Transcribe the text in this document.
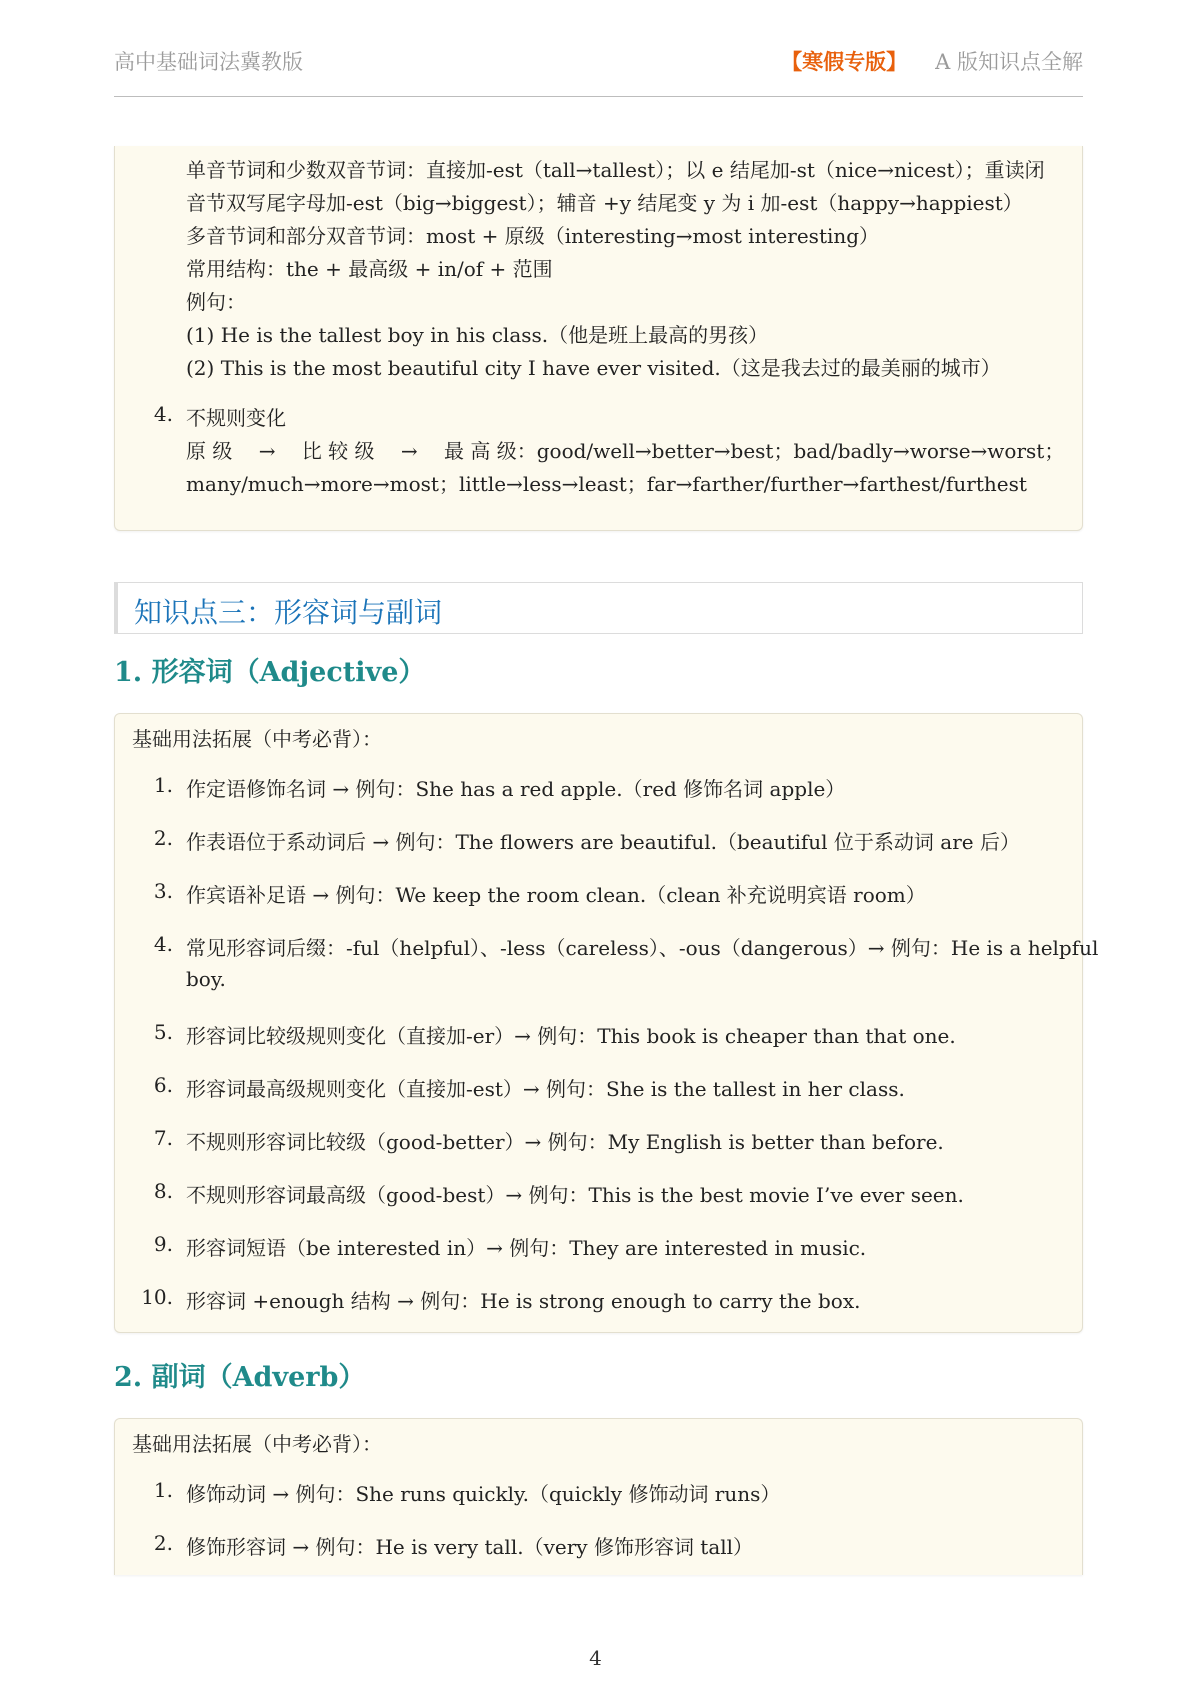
高中基础词法冀教版	【寒假专版】 A 版知识点全解
单音节词和少数双音节词：直接加-est（tall→tallest）；以 e 结尾加-st（nice→nicest）；重读闭
音节双写尾字母加-est（big→biggest）；辅音 +y 结尾变 y 为 i 加-est（happy→happiest）
多音节词和部分双音节词：most + 原级（interesting→most interesting）
常用结构：the + 最高级 + in/of + 范围
例句：
(1) He is the tallest boy in his class.（他是班上最高的男孩）
(2) This is the most beautiful city I have ever visited.（这是我去过的最美丽的城市）
4. 不规则变化
原 级　 →　 比 较 级　 →　 最 高 级：good/well→better→best；bad/badly→worse→worst；
many/much→more→most；little→less→least；far→farther/further→farthest/furthest
知识点三：形容词与副词
1. 形容词（Adjective）
基础用法拓展（中考必背）：
1. 作定语修饰名词 → 例句：She has a red apple.（red 修饰名词 apple）
2. 作表语位于系动词后 → 例句：The flowers are beautiful.（beautiful 位于系动词 are 后）
3. 作宾语补足语 → 例句：We keep the room clean.（clean 补充说明宾语 room）
4. 常见形容词后缀：-ful（helpful）、-less（careless）、-ous（dangerous）→ 例句：He is a helpful
boy.
5. 形容词比较级规则变化（直接加-er）→ 例句：This book is cheaper than that one.
6. 形容词最高级规则变化（直接加-est）→ 例句：She is the tallest in her class.
7. 不规则形容词比较级（good-better）→ 例句：My English is better than before.
8. 不规则形容词最高级（good-best）→ 例句：This is the best movie I’ve ever seen.
9. 形容词短语（be interested in）→ 例句：They are interested in music.
10. 形容词 +enough 结构 → 例句：He is strong enough to carry the box.
2. 副词（Adverb）
基础用法拓展（中考必背）：
1. 修饰动词 → 例句：She runs quickly.（quickly 修饰动词 runs）
2. 修饰形容词 → 例句：He is very tall.（very 修饰形容词 tall）
4
